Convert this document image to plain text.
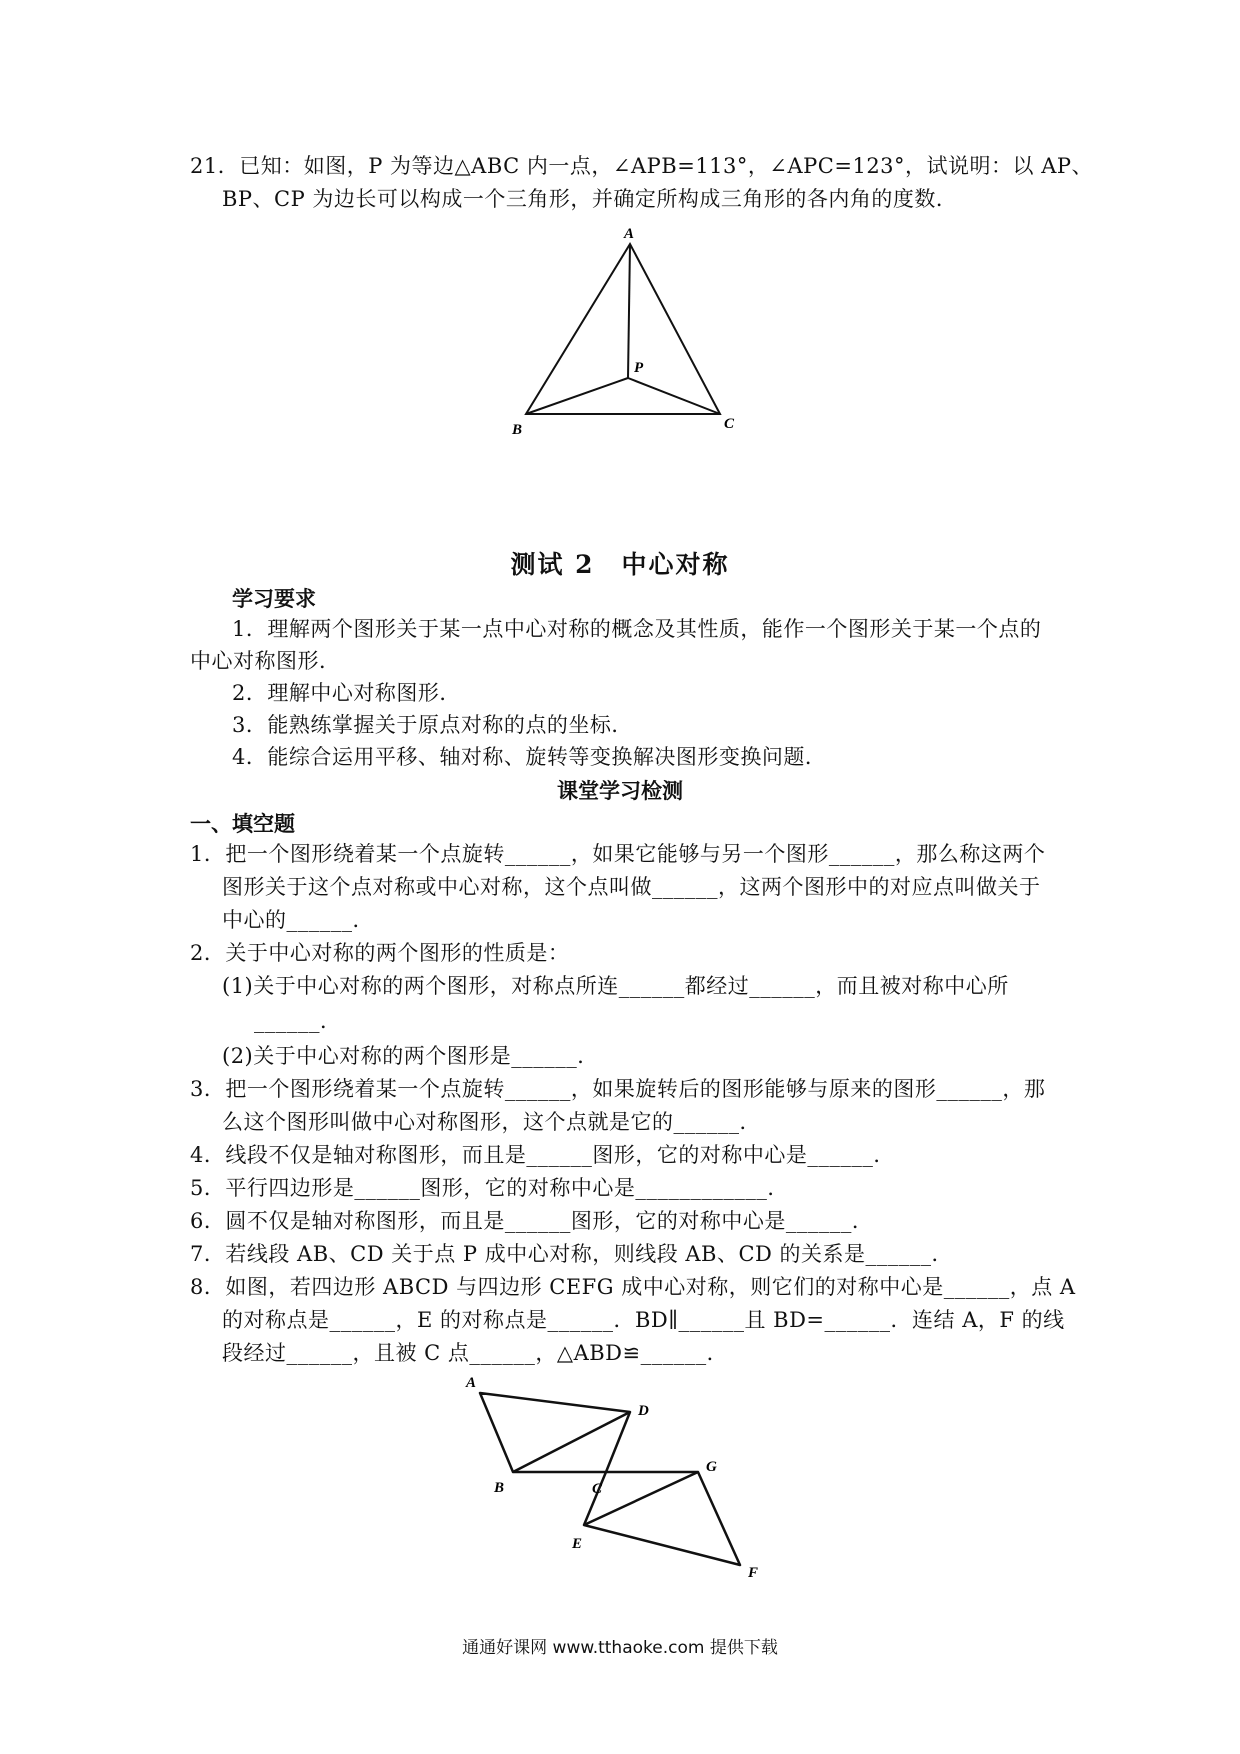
21．已知：如图，P 为等边△ABC 内一点，∠APB=113°，∠APC=123°，试说明：以 AP、
BP、CP 为边长可以构成一个三角形，并确定所构成三角形的各内角的度数．
A
B	C
P
测试 2　中心对称
学习要求
1．理解两个图形关于某一点中心对称的概念及其性质，能作一个图形关于某一个点的
中心对称图形．
2．理解中心对称图形．
3．能熟练掌握关于原点对称的点的坐标．
4．能综合运用平移、轴对称、旋转等变换解决图形变换问题．
课堂学习检测
一、填空题
1．把一个图形绕着某一个点旋转______，如果它能够与另一个图形______，那么称这两个
图形关于这个点对称或中心对称，这个点叫做______，这两个图形中的对应点叫做关于
中心的______．
2．关于中心对称的两个图形的性质是：
(1)关于中心对称的两个图形，对称点所连______都经过______，而且被对称中心所
______．
(2)关于中心对称的两个图形是______．
3．把一个图形绕着某一个点旋转______，如果旋转后的图形能够与原来的图形______，那
么这个图形叫做中心对称图形，这个点就是它的______．
4．线段不仅是轴对称图形，而且是______图形，它的对称中心是______．
5．平行四边形是______图形，它的对称中心是____________．
6．圆不仅是轴对称图形，而且是______图形，它的对称中心是______．
7．若线段 AB、CD 关于点 P 成中心对称，则线段 AB、CD 的关系是______．
8．如图，若四边形 ABCD 与四边形 CEFG 成中心对称，则它们的对称中心是______，点 A
的对称点是______，E 的对称点是______．BD∥______且 BD=______．连结 A，F 的线
段经过______，且被 C 点______，△ABD≌______．
A
B	C
D
E
F
G
通通好课网 www.tthaoke.com 提供下载
